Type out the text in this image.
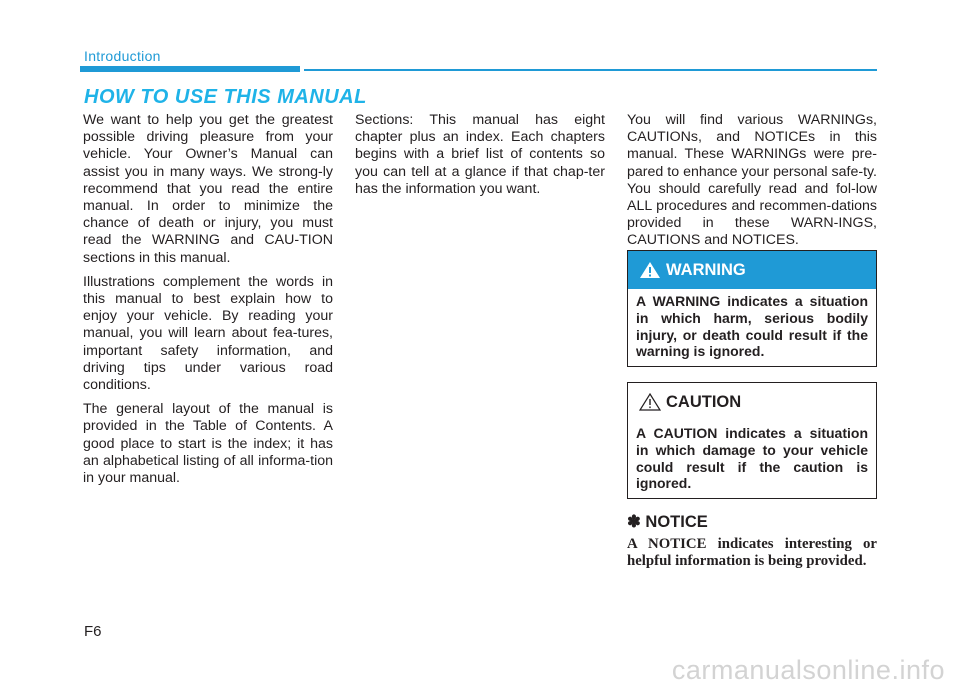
Introduction
HOW TO USE THIS MANUAL

We want to help you get the greatest possible driving pleasure from your vehicle. Your Owner’s Manual can assist you in many ways. We strong-ly recommend that you read the entire manual. In order to minimize the chance of death or injury, you must read the WARNING and CAU-TION sections in this manual.

Illustrations complement the words in this manual to best explain how to enjoy your vehicle. By reading your manual, you will learn about fea-tures, important safety information, and driving tips under various road conditions.

The general layout of the manual is provided in the Table of Contents. A good place to start is the index; it has an alphabetical listing of all informa-tion in your manual.

Sections: This manual has eight chapter plus an index. Each chapters begins with a brief list of contents so you can tell at a glance if that chap-ter has the information you want.

You will find various WARNINGs, CAUTIONs, and NOTICEs in this manual. These WARNINGs were pre-pared to enhance your personal safe-ty. You should carefully read and fol-low ALL procedures and recommen-dations provided in these WARN-INGS, CAUTIONS and NOTICES.

WARNING
A WARNING indicates a situation in which harm, serious bodily injury, or death could result if the warning is ignored.
CAUTION
A CAUTION indicates a situation in which damage to your vehicle could result if the caution is ignored.
✽ NOTICE
A NOTICE indicates interesting or helpful information is being provided.
F6
carmanualsonline.info
